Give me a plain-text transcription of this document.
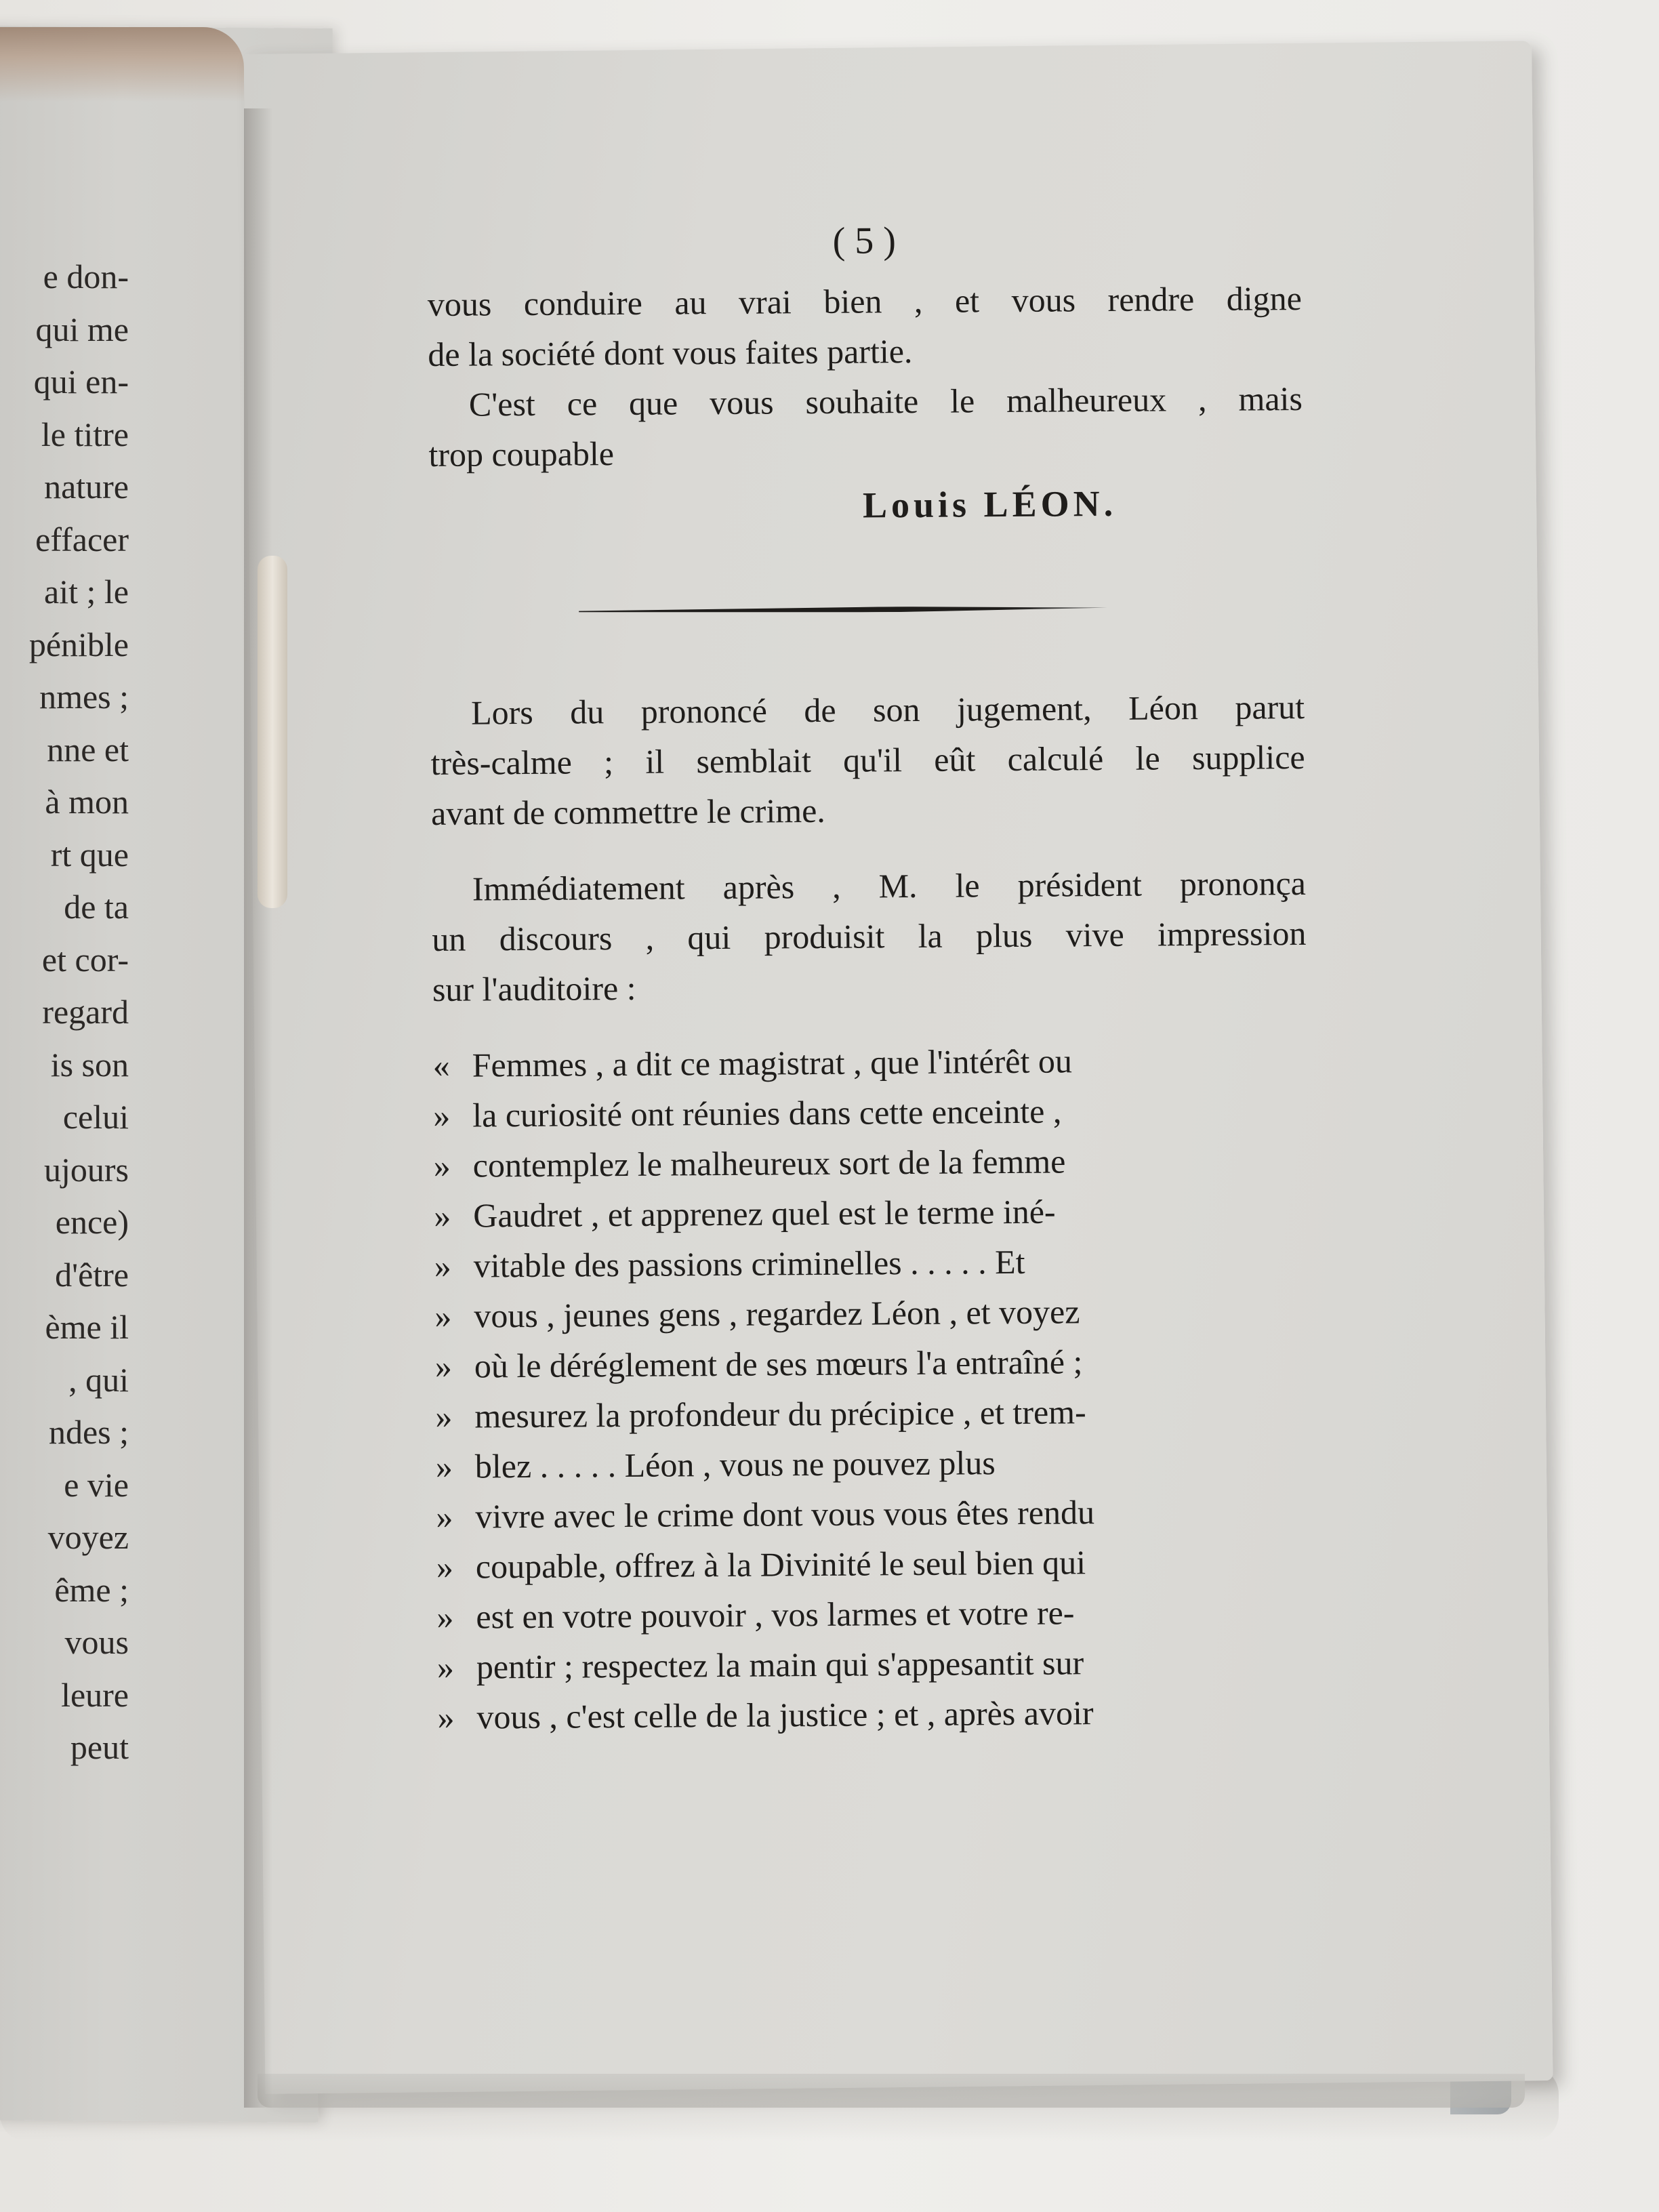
e don-
qui me
qui en-
le titre
nature
effacer
ait ; le
pénible
nmes ;
nne et
à mon
rt que
de ta
et cor-
regard
is son
celui
ujours
ence)
d'être
ème il
, qui
ndes ;
e vie
voyez
ême ;
vous
leure
peut
( 5 )
vous conduire au vrai bien , et vous rendre digne
de la société dont vous faites partie.
C'est ce que vous souhaite le malheureux , mais
trop coupable
Louis LÉON.
Lors du prononcé de son jugement, Léon parut
très-calme ; il semblait qu'il eût calculé le supplice
avant de commettre le crime.
Immédiatement après , M. le président prononça
un discours , qui produisit la plus vive impression
sur l'auditoire :
« Femmes , a dit ce magistrat , que l'intérêt ou
» la curiosité ont réunies dans cette enceinte ,
» contemplez le malheureux sort de la femme
» Gaudret , et apprenez quel est le terme iné-
» vitable des passions criminelles . . . . . Et
» vous , jeunes gens , regardez Léon , et voyez
» où le déréglement de ses mœurs l'a entraîné ;
» mesurez la profondeur du précipice , et trem-
» blez . . . . . Léon , vous ne pouvez plus
» vivre avec le crime dont vous vous êtes rendu
» coupable, offrez à la Divinité le seul bien qui
» est en votre pouvoir , vos larmes et votre re-
» pentir ; respectez la main qui s'appesantit sur
» vous , c'est celle de la justice ; et , après avoir
